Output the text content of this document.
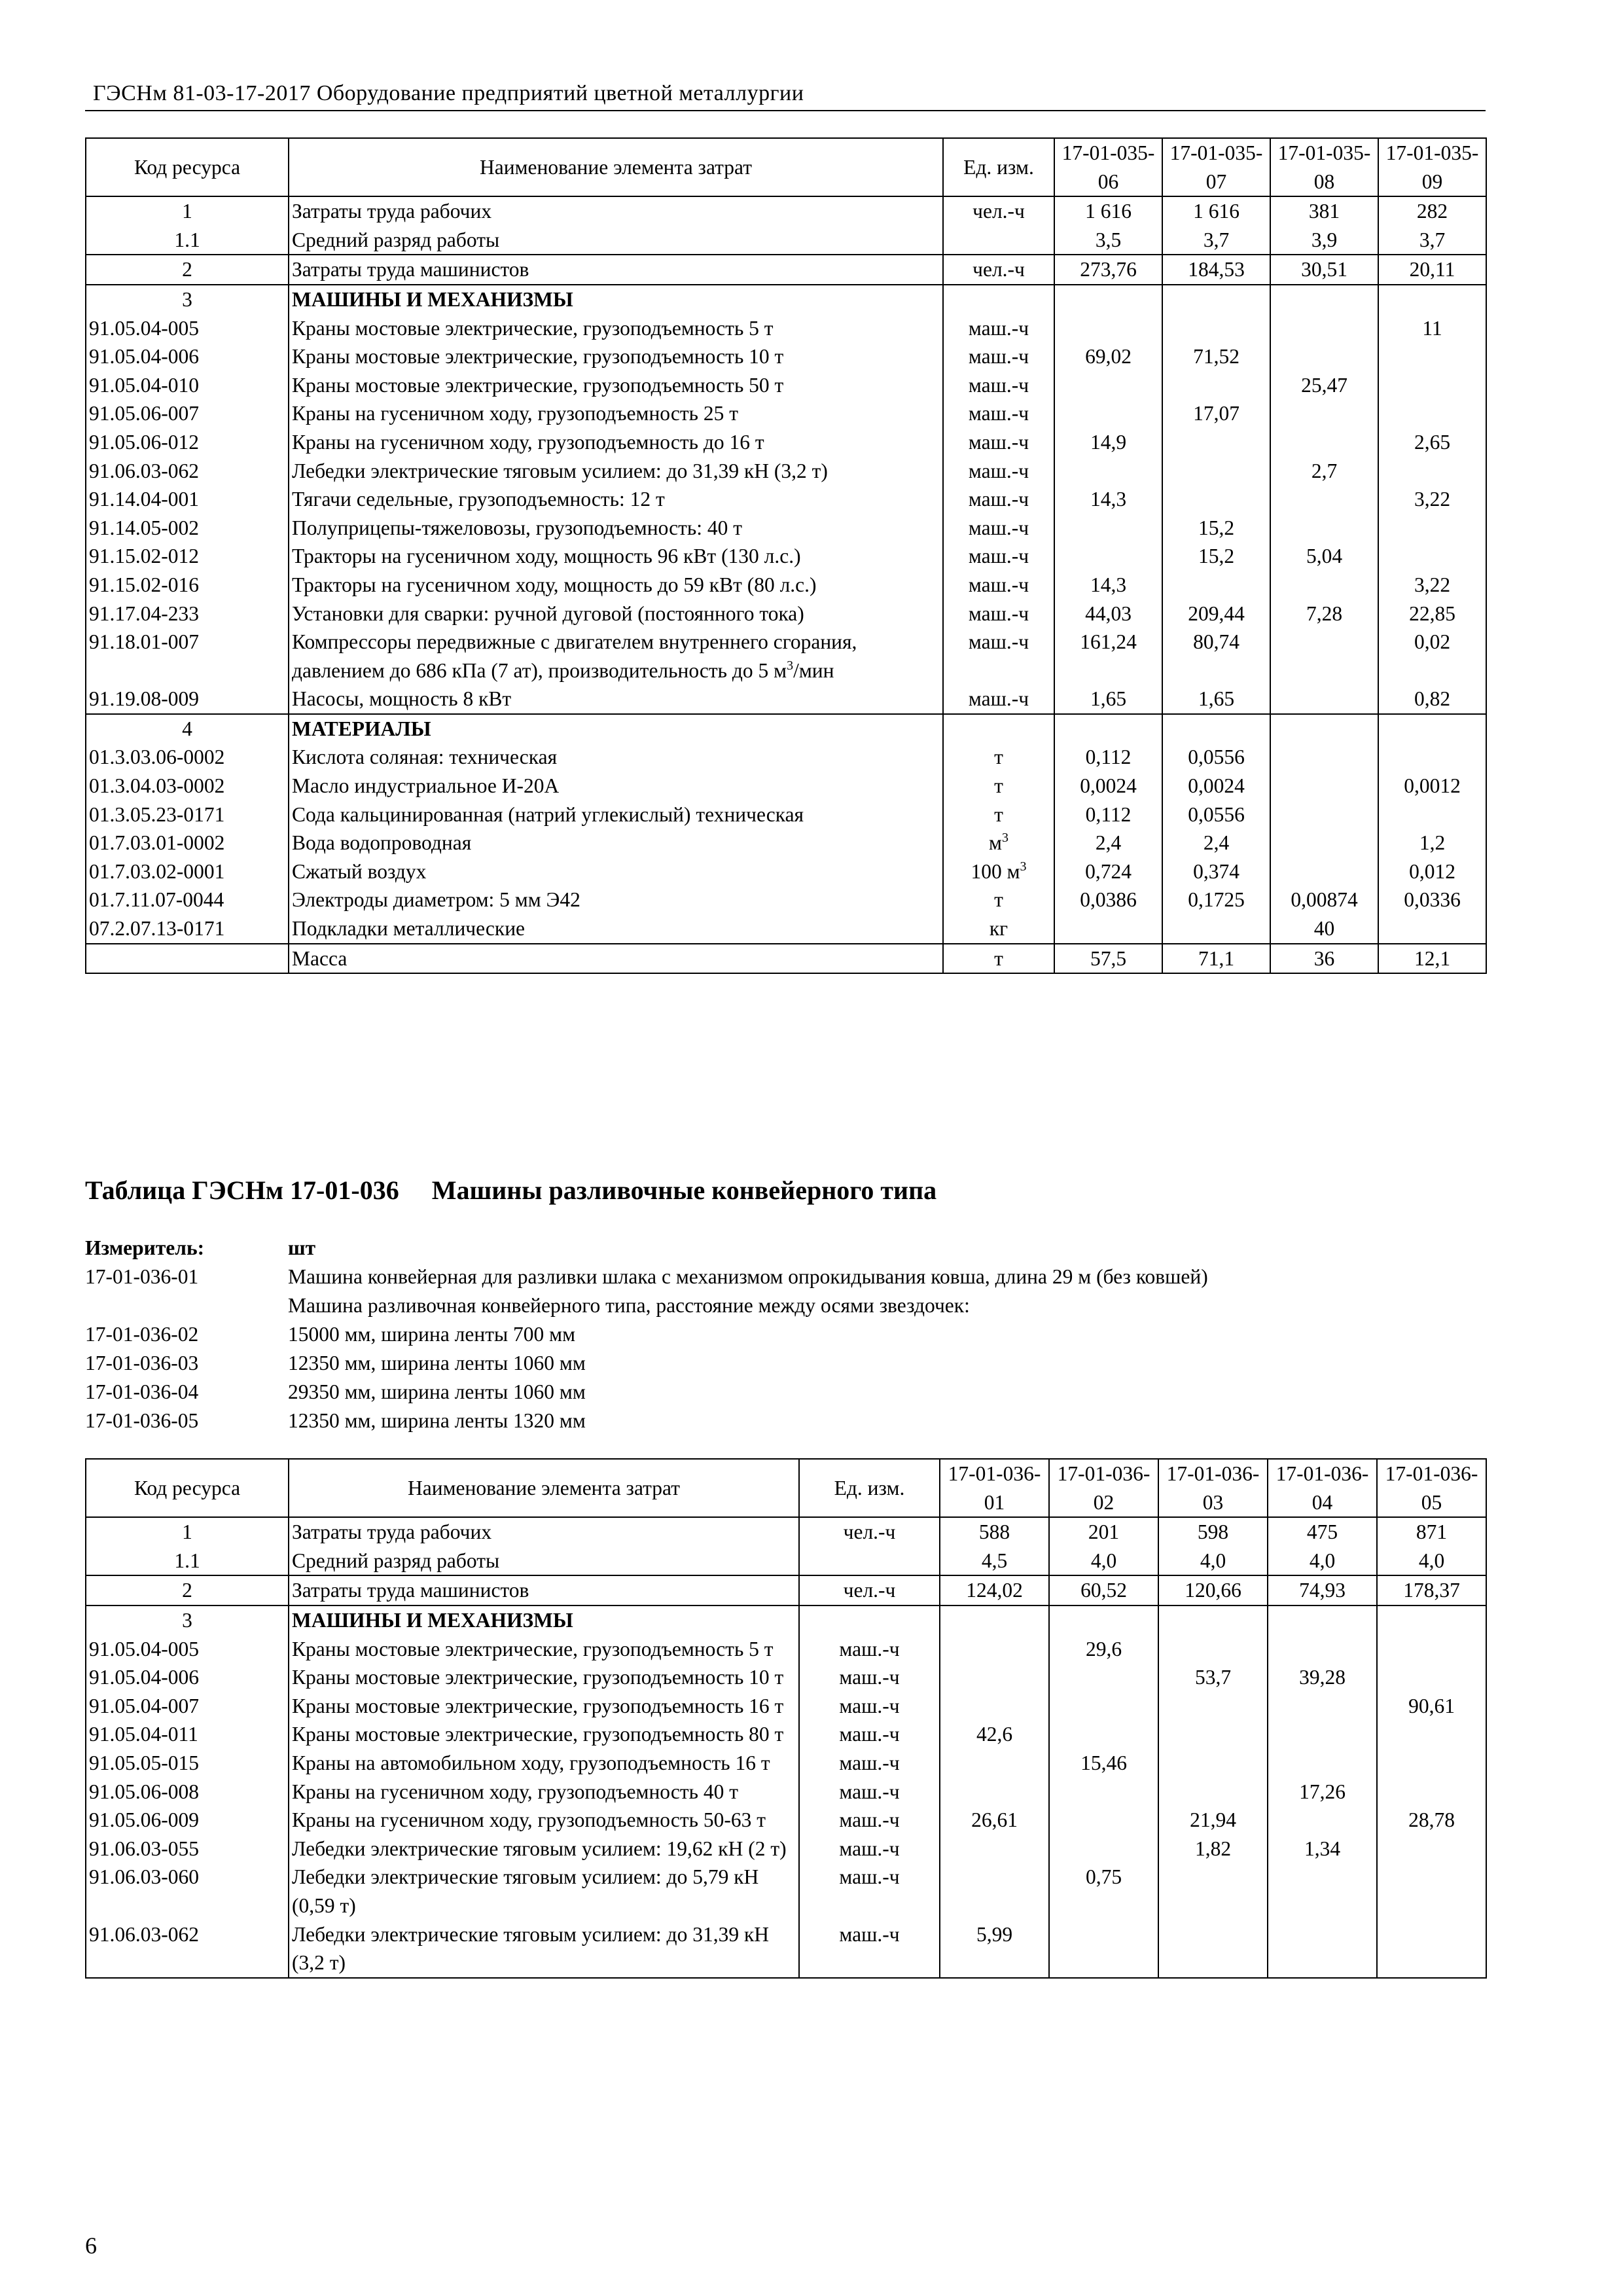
ГЭСНм 81-03-17-2017 Оборудование предприятий цветной металлургии
Код ресурса	Наименование элемента затрат	Ед. изм.	17-01-035-06	17-01-035-07	17-01-035-08	17-01-035-09
1	Затраты труда рабочих	чел.-ч	1 616	1 616	381	282
1.1	Средний разряд работы		3,5	3,7	3,9	3,7
2	Затраты труда машинистов	чел.-ч	273,76	184,53	30,51	20,11
3	МАШИНЫ И МЕХАНИЗМЫ					
91.05.04-005	Краны мостовые электрические, грузоподъемность 5 т	маш.-ч				11
91.05.04-006	Краны мостовые электрические, грузоподъемность 10 т	маш.-ч	69,02	71,52		
91.05.04-010	Краны мостовые электрические, грузоподъемность 50 т	маш.-ч			25,47	
91.05.06-007	Краны на гусеничном ходу, грузоподъемность 25 т	маш.-ч		17,07		
91.05.06-012	Краны на гусеничном ходу, грузоподъемность до 16 т	маш.-ч	14,9			2,65
91.06.03-062	Лебедки электрические тяговым усилием: до 31,39 кН (3,2 т)	маш.-ч			2,7	
91.14.04-001	Тягачи седельные, грузоподъемность: 12 т	маш.-ч	14,3			3,22
91.14.05-002	Полуприцепы-тяжеловозы, грузоподъемность: 40 т	маш.-ч		15,2		
91.15.02-012	Тракторы на гусеничном ходу, мощность 96 кВт (130 л.с.)	маш.-ч		15,2	5,04	
91.15.02-016	Тракторы на гусеничном ходу, мощность до 59 кВт (80 л.с.)	маш.-ч	14,3			3,22
91.17.04-233	Установки для сварки: ручной дуговой (постоянного тока)	маш.-ч	44,03	209,44	7,28	22,85
91.18.01-007	Компрессоры передвижные с двигателем внутреннего сгорания, давлением до 686 кПа (7 ат), производительность до 5 $м^3$/мин	маш.-ч	161,24	80,74		0,02
91.19.08-009	Насосы, мощность 8 кВт	маш.-ч	1,65	1,65		0,82
4	МАТЕРИАЛЫ					
01.3.03.06-0002	Кислота соляная: техническая	т	0,112	0,0556		
01.3.04.03-0002	Масло индустриальное И-20А	т	0,0024	0,0024		0,0012
01.3.05.23-0171	Сода кальцинированная (натрий углекислый) техническая	т	0,112	0,0556		
01.7.03.01-0002	Вода водопроводная	$м^3$	2,4	2,4		1,2
01.7.03.02-0001	Сжатый воздух	100 $м^3$	0,724	0,374		0,012
01.7.11.07-0044	Электроды диаметром: 5 мм Э42	т	0,0386	0,1725	0,00874	0,0336
07.2.07.13-0171	Подкладки металлические	кг			40	
	Масса	т	57,5	71,1	36	12,1
Таблица ГЭСНм 17-01-036 Машины разливочные конвейерного типа
Измеритель:	шт
17-01-036-01	Машина конвейерная для разливки шлака с механизмом опрокидывания ковша, длина 29 м (без ковшей)
Машина разливочная конвейерного типа, расстояние между осями звездочек:
17-01-036-02	15000 мм, ширина ленты 700 мм
17-01-036-03	12350 мм, ширина ленты 1060 мм
17-01-036-04	29350 мм, ширина ленты 1060 мм
17-01-036-05	12350 мм, ширина ленты 1320 мм
Код ресурса	Наименование элемента затрат	Ед. изм.	17-01-036-01	17-01-036-02	17-01-036-03	17-01-036-04	17-01-036-05
1	Затраты труда рабочих	чел.-ч	588	201	598	475	871
1.1	Средний разряд работы		4,5	4,0	4,0	4,0	4,0
2	Затраты труда машинистов	чел.-ч	124,02	60,52	120,66	74,93	178,37
3	МАШИНЫ И МЕХАНИЗМЫ						
91.05.04-005	Краны мостовые электрические, грузоподъемность 5 т	маш.-ч		29,6			
91.05.04-006	Краны мостовые электрические, грузоподъемность 10 т	маш.-ч			53,7	39,28	
91.05.04-007	Краны мостовые электрические, грузоподъемность 16 т	маш.-ч					90,61
91.05.04-011	Краны мостовые электрические, грузоподъемность 80 т	маш.-ч	42,6				
91.05.05-015	Краны на автомобильном ходу, грузоподъемность 16 т	маш.-ч		15,46			
91.05.06-008	Краны на гусеничном ходу, грузоподъемность 40 т	маш.-ч				17,26	
91.05.06-009	Краны на гусеничном ходу, грузоподъемность 50-63 т	маш.-ч	26,61		21,94		28,78
91.06.03-055	Лебедки электрические тяговым усилием: 19,62 кН (2 т)	маш.-ч			1,82	1,34	
91.06.03-060	Лебедки электрические тяговым усилием: до 5,79 кН (0,59 т)	маш.-ч		0,75			
91.06.03-062	Лебедки электрические тяговым усилием: до 31,39 кН (3,2 т)	маш.-ч	5,99				
6
